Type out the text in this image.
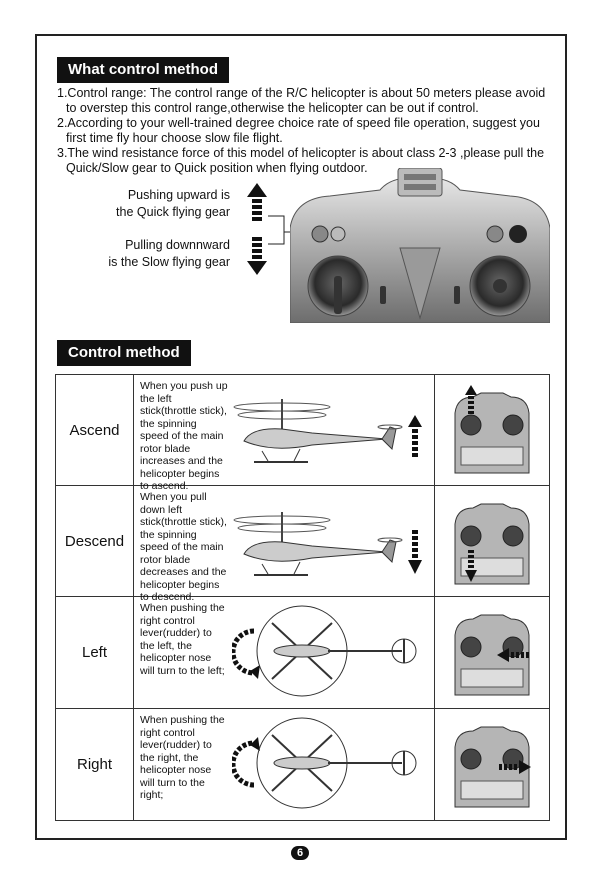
What control method

1.Control range: The control range of the R/C helicopter is about 50 meters please avoid to overstep this control range,otherwise the helicopter can be out if control.

2.According to your well-trained degree choice rate of speed file operation, suggest you first time fly hour choose slow file flight.

3.The wind resistance force of this model of helicopter is about class 2-3 ,please pull the Quick/Slow gear to Quick position when flying outdoor.

Pushing upward is
the Quick flying gear
Pulling downnward
is the Slow flying gear
Control method
Ascend	When you push up the left stick(throttle stick), the spinning speed of the main rotor blade increases and the helicopter begins to ascend.

Descend	When you pull down left stick(throttle stick), the spinning speed of the main rotor blade decreases and the helicopter begins to descend.

Left	When pushing the right control lever(rudder) to the left, the helicopter nose will turn to the left;

Right	When pushing the right control lever(rudder) to the right, the helicopter nose will turn to the right;

6
